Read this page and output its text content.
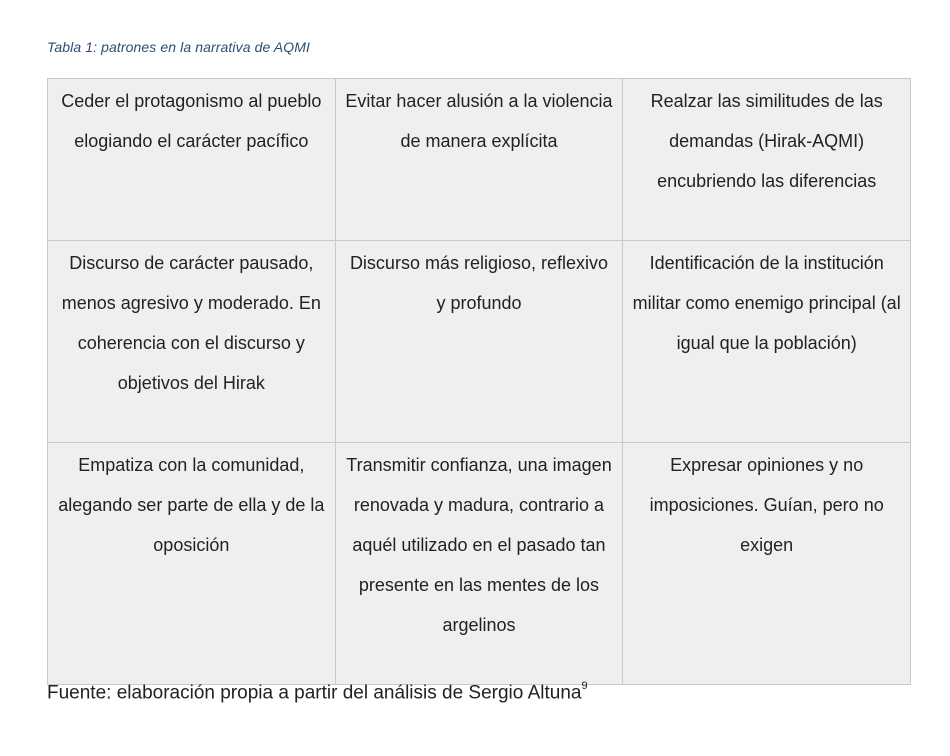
Tabla 1: patrones en la narrativa de AQMI
Ceder el protagonismo al pueblo elogiando el carácter pacífico	Evitar hacer alusión a la violencia de manera explícita	Realzar las similitudes de las demandas (Hirak-AQMI) encubriendo las diferencias

Discurso de carácter pausado, menos agresivo y moderado. En coherencia con el discurso y objetivos del Hirak	Discurso más religioso, reflexivo y profundo	Identificación de la institución militar como enemigo principal (al igual que la población)

Empatiza con la comunidad, alegando ser parte de ella y de la oposición	Transmitir confianza, una imagen renovada y madura, contrario a aquél utilizado en el pasado tan presente en las mentes de los argelinos	Expresar opiniones y no imposiciones. Guían, pero no exigen
Fuente: elaboración propia a partir del análisis de Sergio Altuna$^9$
